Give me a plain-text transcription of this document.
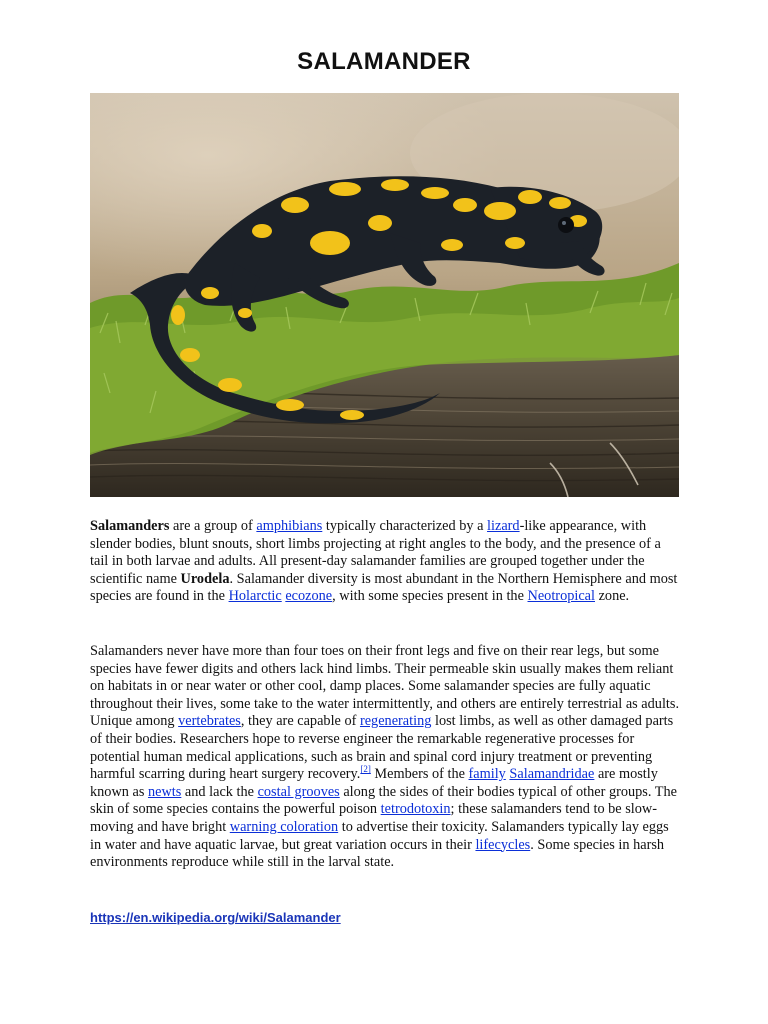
SALAMANDER

Salamanders are a group of amphibians typically characterized by a lizard-like appearance, with slender bodies, blunt snouts, short limbs projecting at right angles to the body, and the presence of a tail in both larvae and adults. All present-day salamander families are grouped together under the scientific name Urodela. Salamander diversity is most abundant in the Northern Hemisphere and most species are found in the Holarctic ecozone, with some species present in the Neotropical zone.

Salamanders never have more than four toes on their front legs and five on their rear legs, but some species have fewer digits and others lack hind limbs. Their permeable skin usually makes them reliant on habitats in or near water or other cool, damp places. Some salamander species are fully aquatic throughout their lives, some take to the water intermittently, and others are entirely terrestrial as adults. Unique among vertebrates, they are capable of regenerating lost limbs, as well as other damaged parts of their bodies. Researchers hope to reverse engineer the remarkable regenerative processes for potential human medical applications, such as brain and spinal cord injury treatment or preventing harmful scarring during heart surgery recovery.[2] Members of the family Salamandridae are mostly known as newts and lack the costal grooves along the sides of their bodies typical of other groups. The skin of some species contains the powerful poison tetrodotoxin; these salamanders tend to be slow-moving and have bright warning coloration to advertise their toxicity. Salamanders typically lay eggs in water and have aquatic larvae, but great variation occurs in their lifecycles. Some species in harsh environments reproduce while still in the larval state.

https://en.wikipedia.org/wiki/Salamander
